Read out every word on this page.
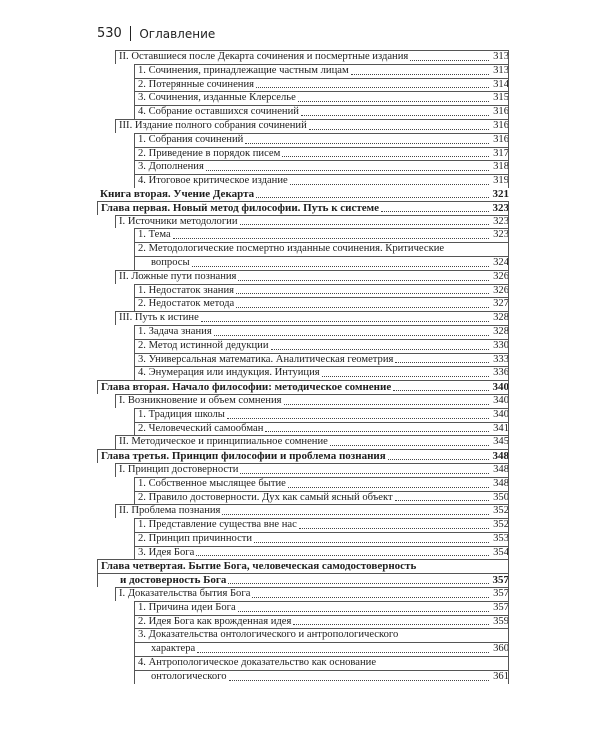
530 Оглавление
II. Оставшиеся после Декарта сочинения и посмертные издания	313
1. Сочинения, принадлежащие частным лицам	313
2. Потерянные сочинения	314
3. Сочинения, изданные Клерселье	315
4. Собрание оставшихся сочинений	316
III. Издание полного собрания сочинений	316
1. Собрания сочинений	316
2. Приведение в порядок писем	317
3. Дополнения	318
4. Итоговое критическое издание	319
Книга вторая. Учение Декарта	321
Глава первая. Новый метод философии. Путь к системе	323
I. Источники методологии	323
1. Тема	323
2. Методологические посмертно изданные сочинения. Критические
вопросы	324
II. Ложные пути познания	326
1. Недостаток знания	326
2. Недостаток метода	327
III. Путь к истине	328
1. Задача знания	328
2. Метод истинной дедукции	330
3. Универсальная математика. Аналитическая геометрия	333
4. Энумерация или индукция. Интуиция	336
Глава вторая. Начало философии: методическое сомнение	340
I. Возникновение и объем сомнения	340
1. Традиция школы	340
2. Человеческий самообман	341
II. Методическое и принципиальное сомнение	345
Глава третья. Принцип философии и проблема познания	348
I. Принцип достоверности	348
1. Собственное мыслящее бытие	348
2. Правило достоверности. Дух как самый ясный объект	350
II. Проблема познания	352
1. Представление существа вне нас	352
2. Принцип причинности	353
3. Идея Бога	354
Глава четвертая. Бытие Бога, человеческая самодостоверность
и достоверность Бога	357
I. Доказательства бытия Бога	357
1. Причина идеи Бога	357
2. Идея Бога как врожденная идея	359
3. Доказательства онтологического и антропологического
характера	360
4. Антропологическое доказательство как основание
онтологического	361
